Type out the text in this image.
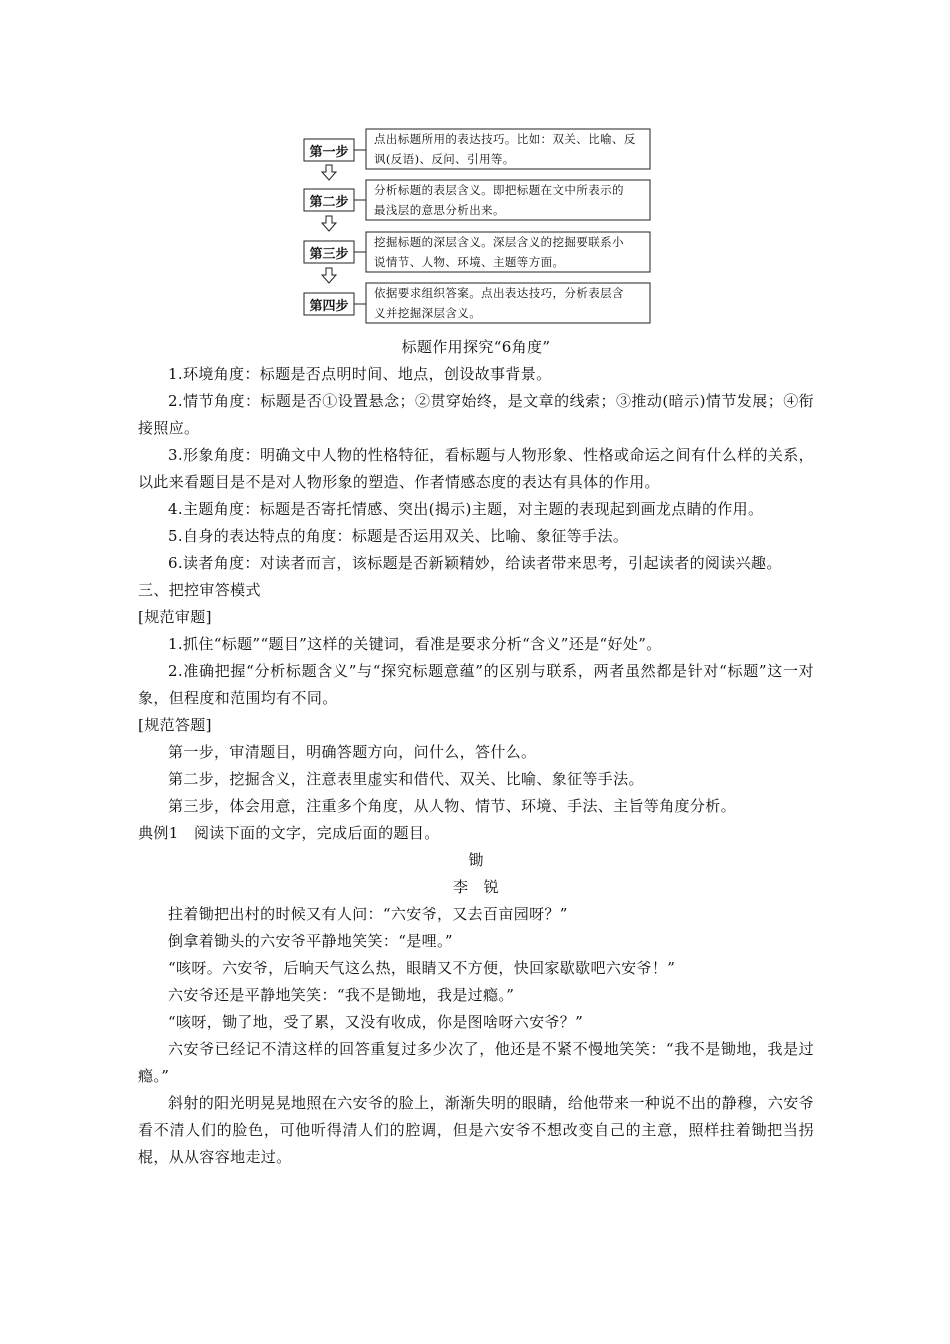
第一步
点出标题所用的表达技巧。比如：双关、比喻、反
讽(反语)、反问、引用等。
第二步
分析标题的表层含义。即把标题在文中所表示的
最浅层的意思分析出来。
第三步
挖掘标题的深层含义。深层含义的挖掘要联系小
说情节、人物、环境、主题等方面。
第四步
依据要求组织答案。点出表达技巧，分析表层含
义并挖掘深层含义。

标题作用探究“6角度”

1.环境角度：标题是否点明时间、地点，创设故事背景。

2.情节角度：标题是否①设置悬念；②贯穿始终，是文章的线索；③推动(暗示)情节发展；④衔接照应。

3.形象角度：明确文中人物的性格特征，看标题与人物形象、性格或命运之间有什么样的关系，以此来看题目是不是对人物形象的塑造、作者情感态度的表达有具体的作用。

4.主题角度：标题是否寄托情感、突出(揭示)主题，对主题的表现起到画龙点睛的作用。

5.自身的表达特点的角度：标题是否运用双关、比喻、象征等手法。

6.读者角度：对读者而言，该标题是否新颖精妙，给读者带来思考，引起读者的阅读兴趣。

三、把控审答模式

[规范审题]

1.抓住“标题”“题目”这样的关键词，看准是要求分析“含义”还是“好处”。

2.准确把握“分析标题含义”与“探究标题意蕴”的区别与联系，两者虽然都是针对“标题”这一对象，但程度和范围均有不同。

[规范答题]

第一步，审清题目，明确答题方向，问什么，答什么。

第二步，挖掘含义，注意表里虚实和借代、双关、比喻、象征等手法。

第三步，体会用意，注重多个角度，从人物、情节、环境、手法、主旨等角度分析。

典例1　阅读下面的文字，完成后面的题目。

锄

李　锐

拄着锄把出村的时候又有人问：“六安爷，又去百亩园呀？”

倒拿着锄头的六安爷平静地笑笑：“是哩。”

“咳呀。六安爷，后晌天气这么热，眼睛又不方便，快回家歇歇吧六安爷！”

六安爷还是平静地笑笑：“我不是锄地，我是过瘾。”

“咳呀，锄了地，受了累，又没有收成，你是图啥呀六安爷？”

六安爷已经记不清这样的回答重复过多少次了，他还是不紧不慢地笑笑：“我不是锄地，我是过瘾。”

斜射的阳光明晃晃地照在六安爷的脸上，渐渐失明的眼睛，给他带来一种说不出的静穆，六安爷看不清人们的脸色，可他听得清人们的腔调，但是六安爷不想改变自己的主意，照样拄着锄把当拐棍，从从容容地走过。
